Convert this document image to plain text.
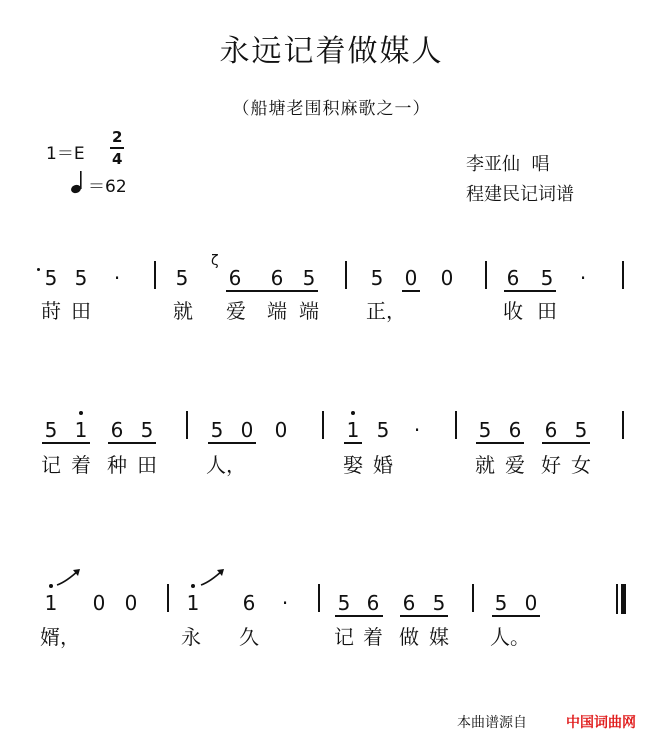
永远记着做媒人
（船塘老围积麻歌之一）
1＝E
2
4
＝62
李亚仙  唱
程建民记词谱
5 5 ·	5
ζ
6 6 5	5 0 0	6 5 ·
莳 田	就 爱 端 端 正，	收 田
5 1 6 5	5 0 0	1 5 ·	5 6 6 5
记 着 种 田 人，	娶 婚	就 爱 好 女
1 0 0 1 6 · 5 6 6 5 5 0
婿，	永 久	记 着 做 媒 人。
本曲谱源自	中国词曲网
